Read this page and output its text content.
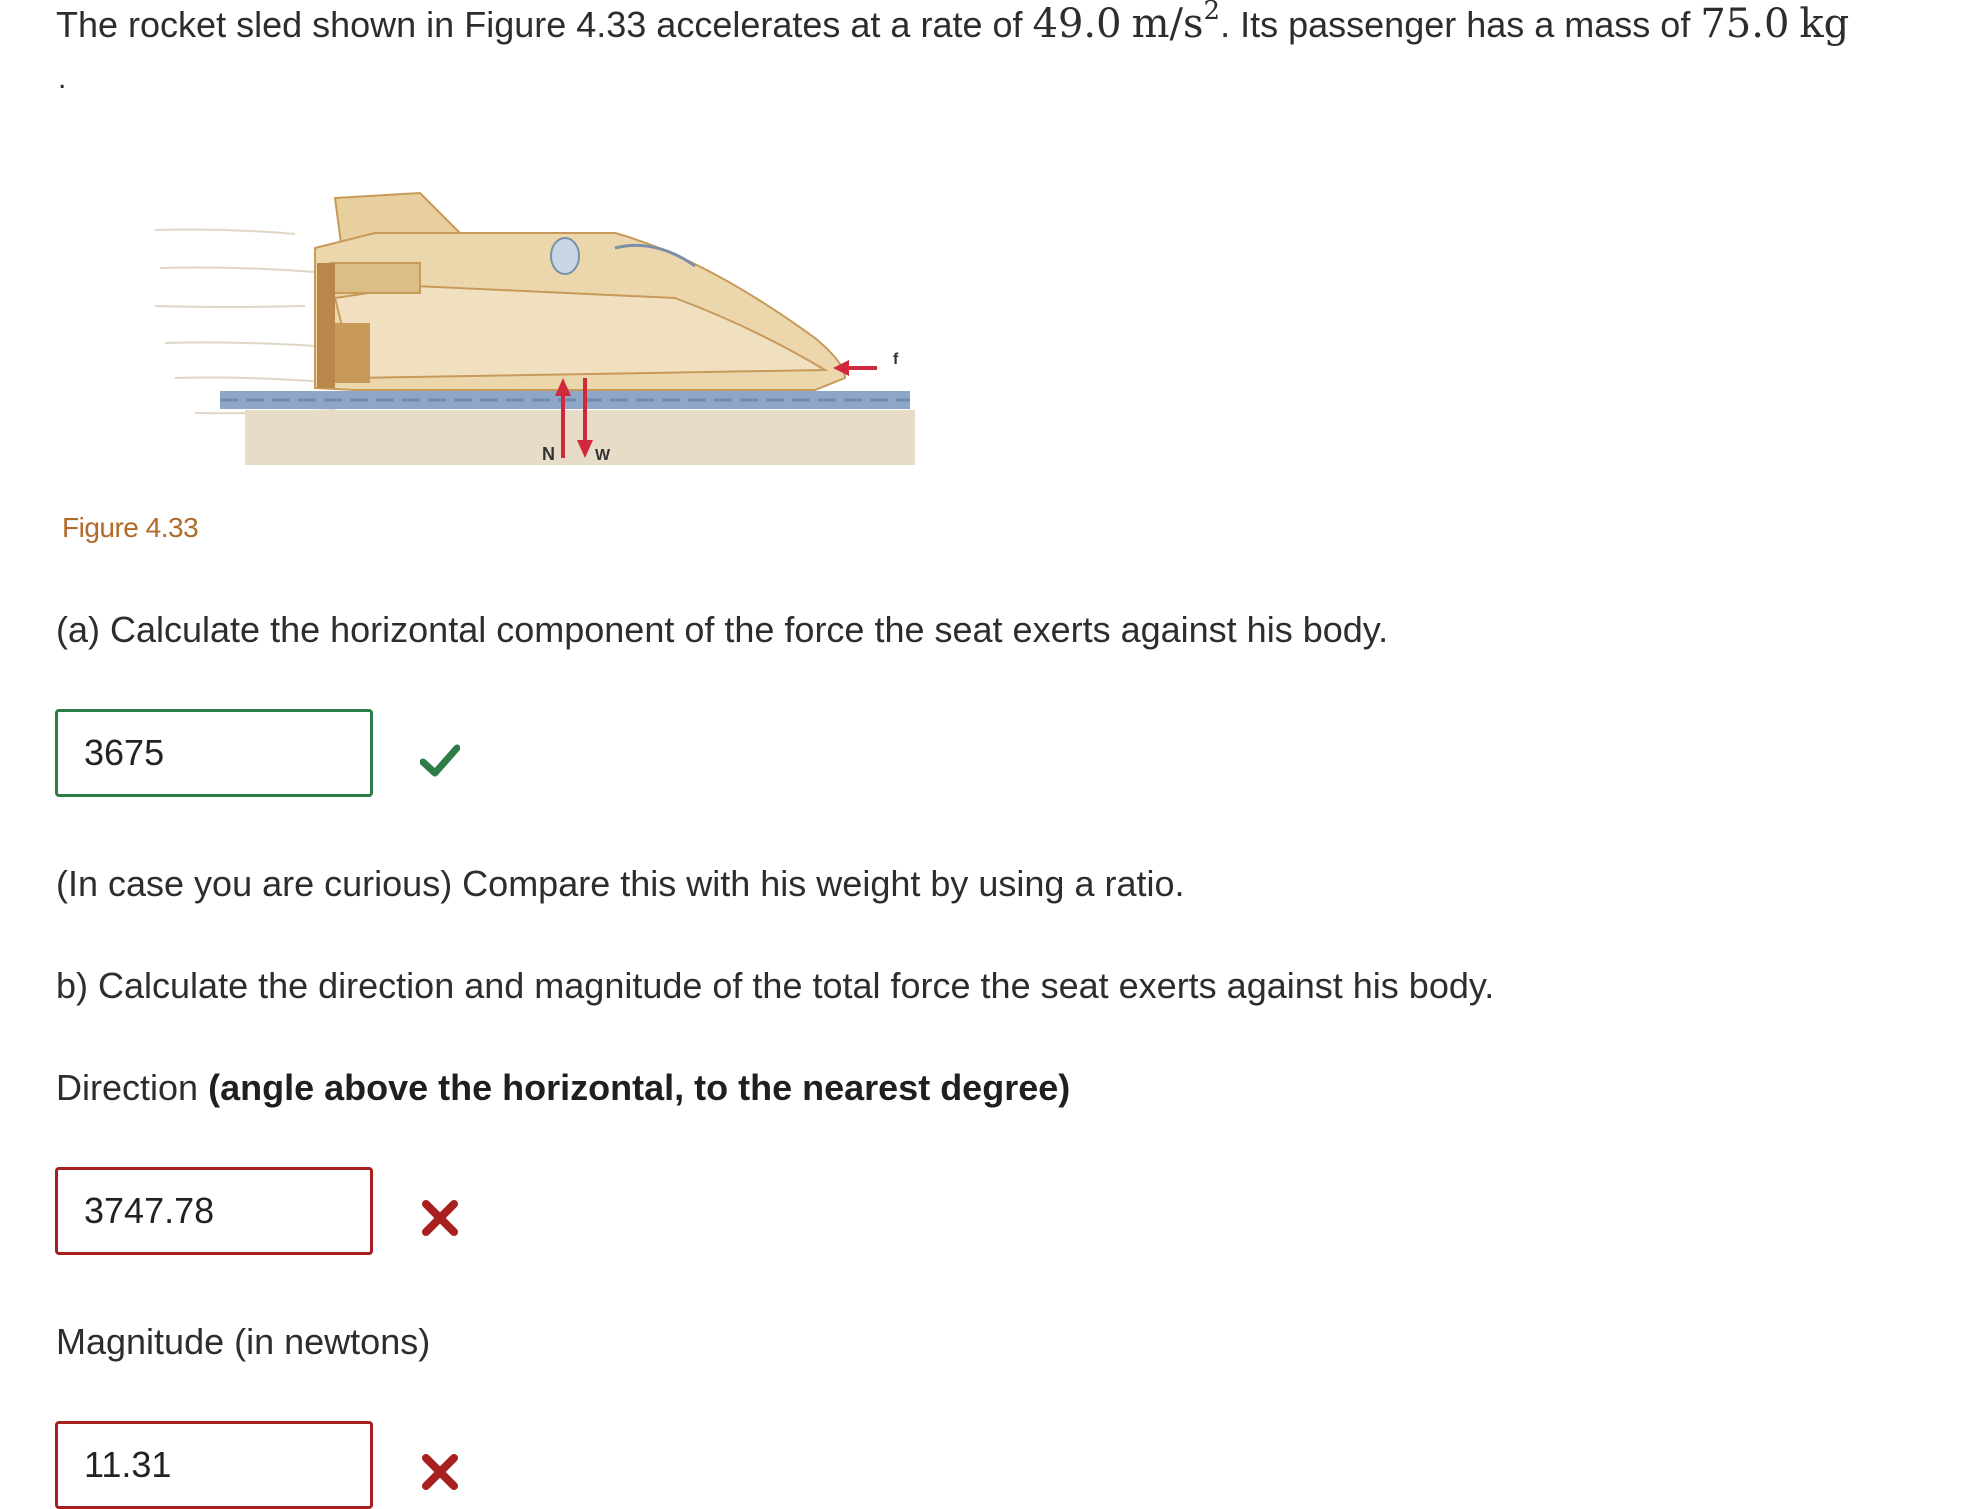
The rocket sled shown in Figure 4.33 accelerates at a rate of 49.0 $m/s^2$. Its passenger has a mass of 75.0 kg
.
f
N	W
Figure 4.33
(a) Calculate the horizontal component of the force the seat exerts against his body.
3675
(In case you are curious) Compare this with his weight by using a ratio.
b) Calculate the direction and magnitude of the total force the seat exerts against his body.
Direction (angle above the horizontal, to the nearest degree)
3747.78
Magnitude (in newtons)
11.31
